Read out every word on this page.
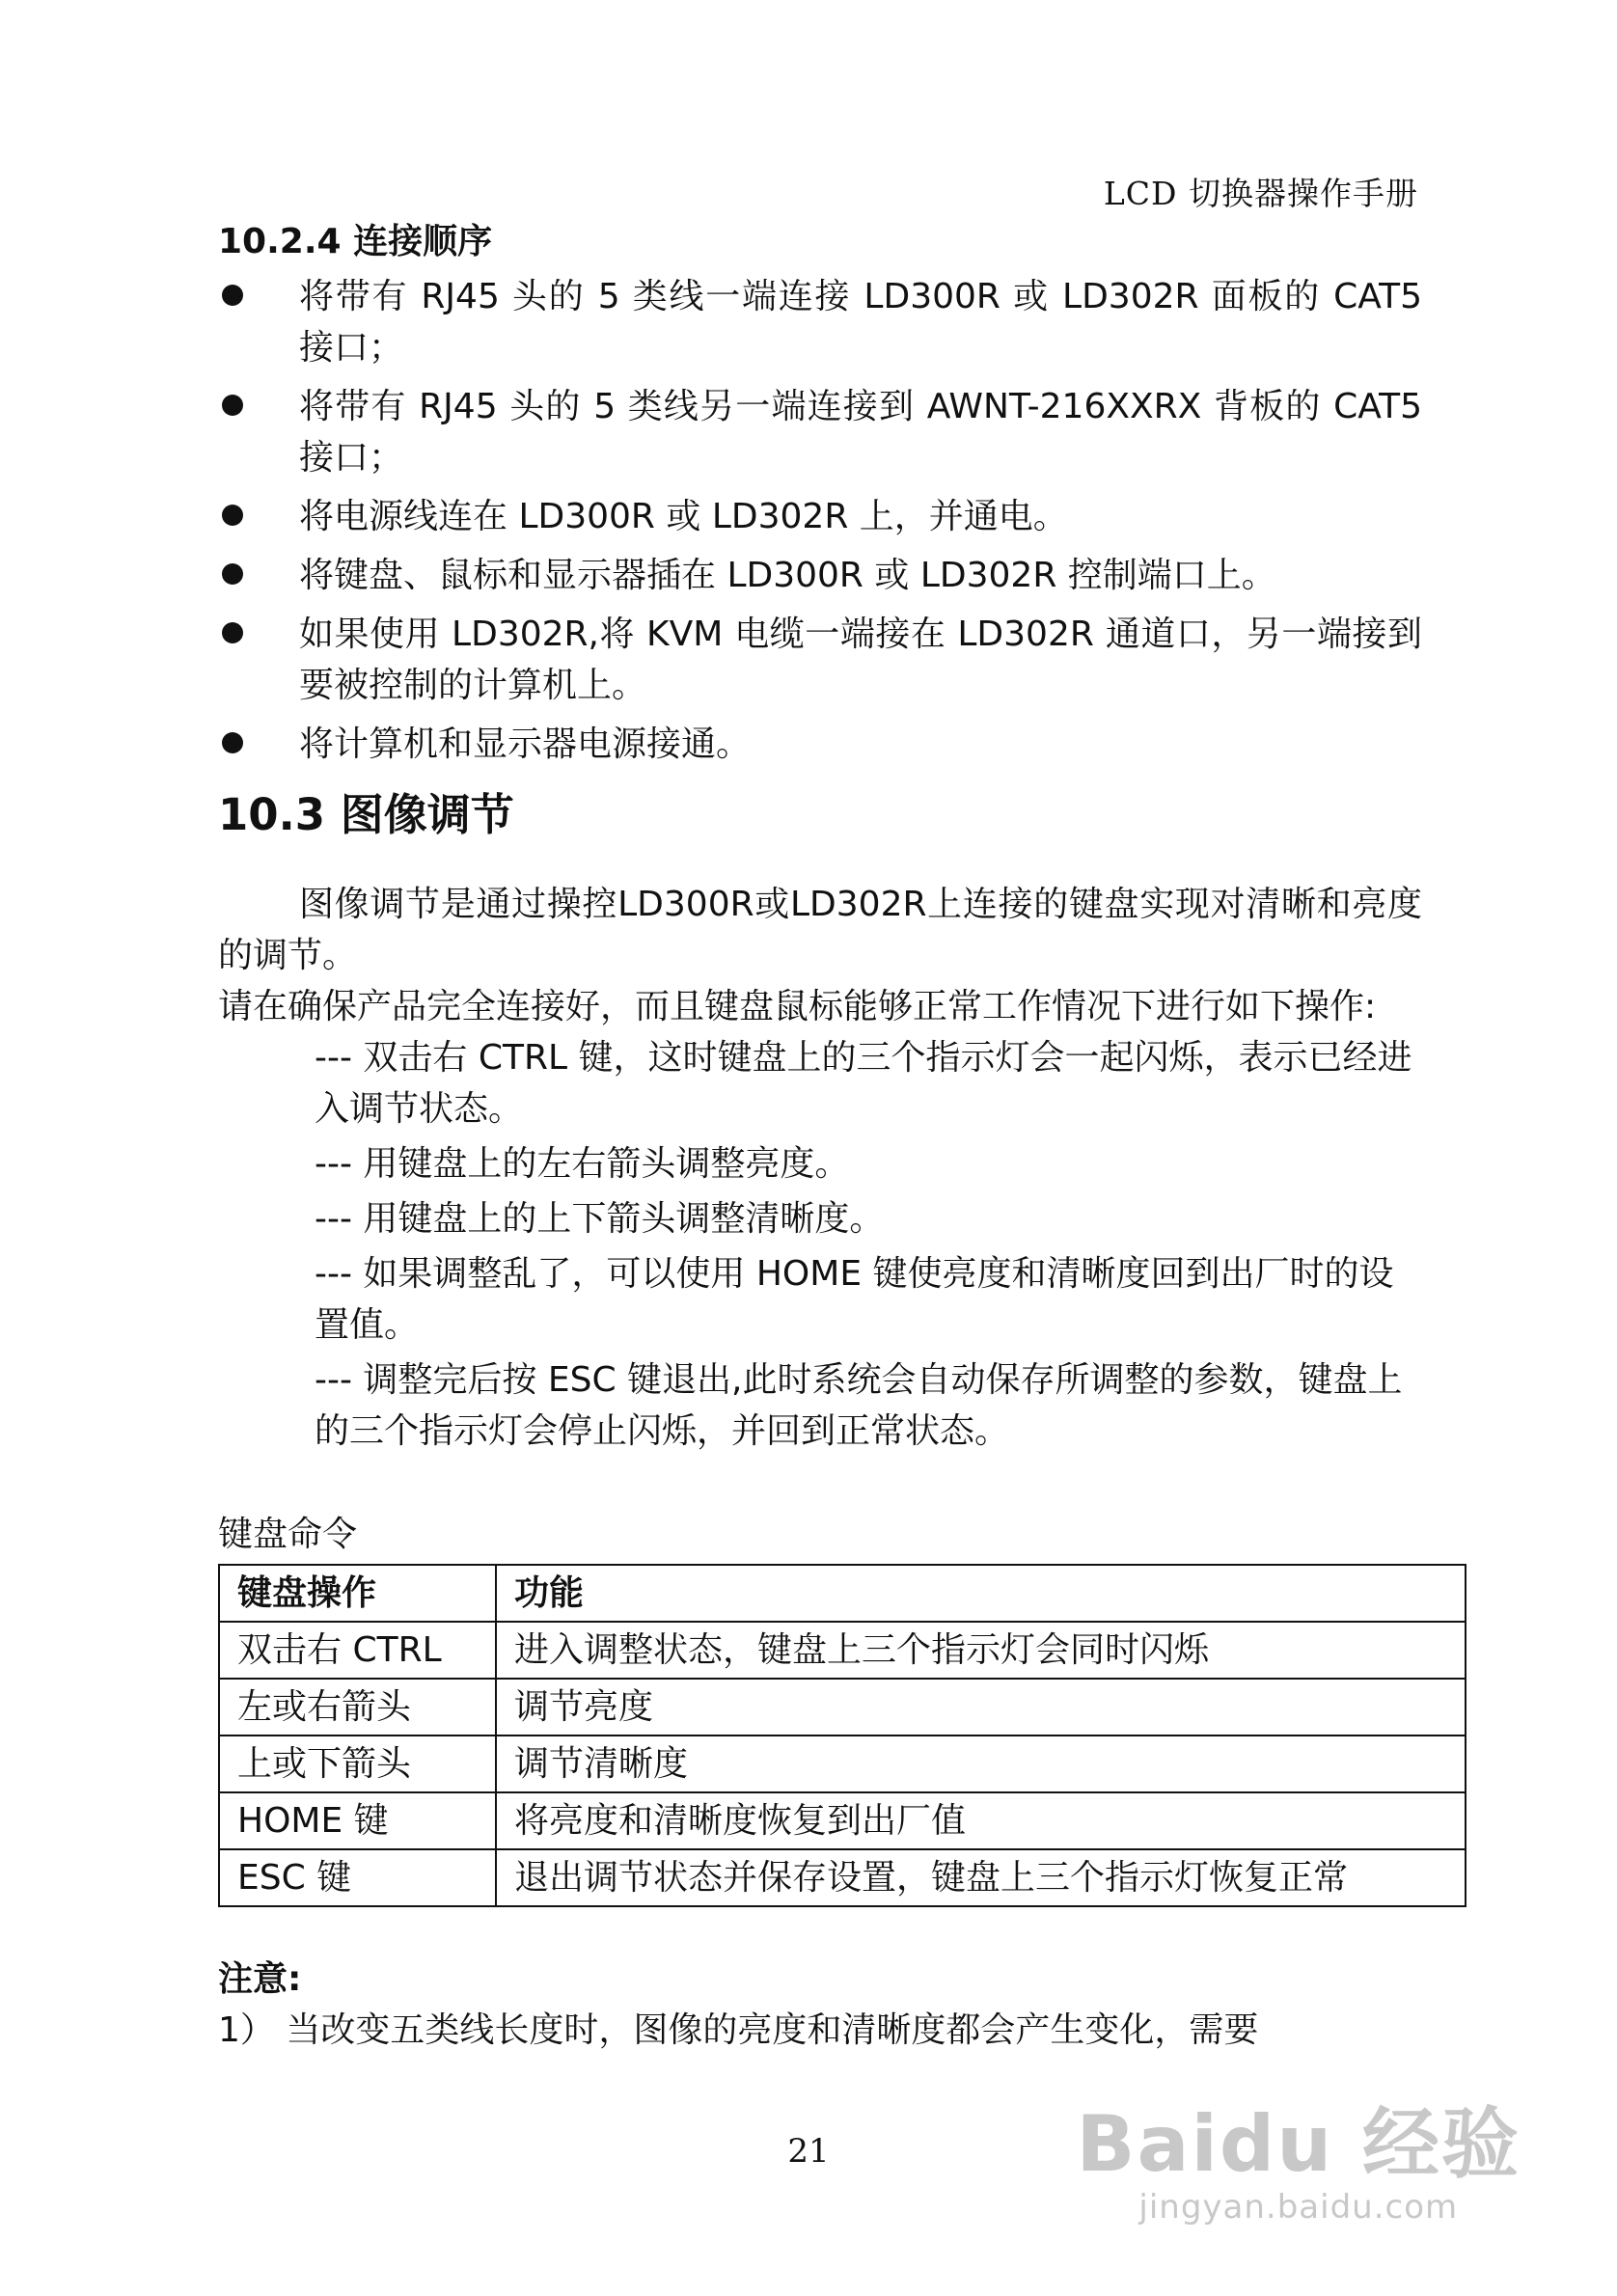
LCD 切换器操作手册
10.2.4 连接顺序
将带有 RJ45 头的 5 类线一端连接 LD300R 或 LD302R 面板的 CAT5 接口；
将带有 RJ45 头的 5 类线另一端连接到 AWNT-216XXRX 背板的 CAT5 接口；
将电源线连在 LD300R 或 LD302R 上，并通电。
将键盘、鼠标和显示器插在 LD300R 或 LD302R 控制端口上。
如果使用 LD302R,将 KVM 电缆一端接在 LD302R 通道口，另一端接到要被控制的计算机上。
将计算机和显示器电源接通。
10.3 图像调节

图像调节是通过操控LD300R或LD302R上连接的键盘实现对清晰和亮度的调节。

请在确保产品完全连接好，而且键盘鼠标能够正常工作情况下进行如下操作:

--- 双击右 CTRL 键，这时键盘上的三个指示灯会一起闪烁，表示已经进入调节状态。

--- 用键盘上的左右箭头调整亮度。

--- 用键盘上的上下箭头调整清晰度。

--- 如果调整乱了，可以使用 HOME 键使亮度和清晰度回到出厂时的设置值。

--- 调整完后按 ESC 键退出,此时系统会自动保存所调整的参数，键盘上的三个指示灯会停止闪烁，并回到正常状态。

键盘命令
键盘操作	功能
双击右 CTRL	进入调整状态，键盘上三个指示灯会同时闪烁
左或右箭头	调节亮度
上或下箭头	调节清晰度
HOME 键	将亮度和清晰度恢复到出厂值
ESC 键	退出调节状态并保存设置，键盘上三个指示灯恢复正常
注意:

1） 当改变五类线长度时，图像的亮度和清晰度都会产生变化，需要

21	Baidu 经验
jingyan.baidu.com
